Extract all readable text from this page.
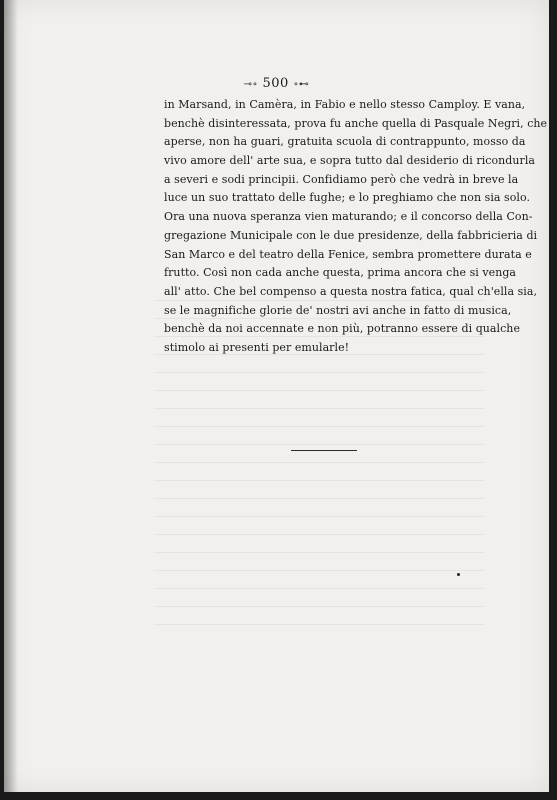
⊸∘ 500 ∘⊷
in Marsand, in Camèra, in Fabio e nello stesso Camploy. E vana,
benchè disinteressata, prova fu anche quella di Pasquale Negri, che
aperse, non ha guari, gratuita scuola di contrappunto, mosso da
vivo amore dell' arte sua, e sopra tutto dal desiderio di ricondurla
a severi e sodi principii. Confidiamo però che vedrà in breve la
luce un suo trattato delle fughe; e lo preghiamo che non sia solo.
Ora una nuova speranza vien maturando; e il concorso della Con-
gregazione Municipale con le due presidenze, della fabbricieria di
San Marco e del teatro della Fenice, sembra promettere durata e
frutto. Così non cada anche questa, prima ancora che si venga
all' atto. Che bel compenso a questa nostra fatica, qual ch'ella sia,
se le magnifiche glorie de' nostri avi anche in fatto di musica,
benchè da noi accennate e non più, potranno essere di qualche
stimolo ai presenti per emularle!
